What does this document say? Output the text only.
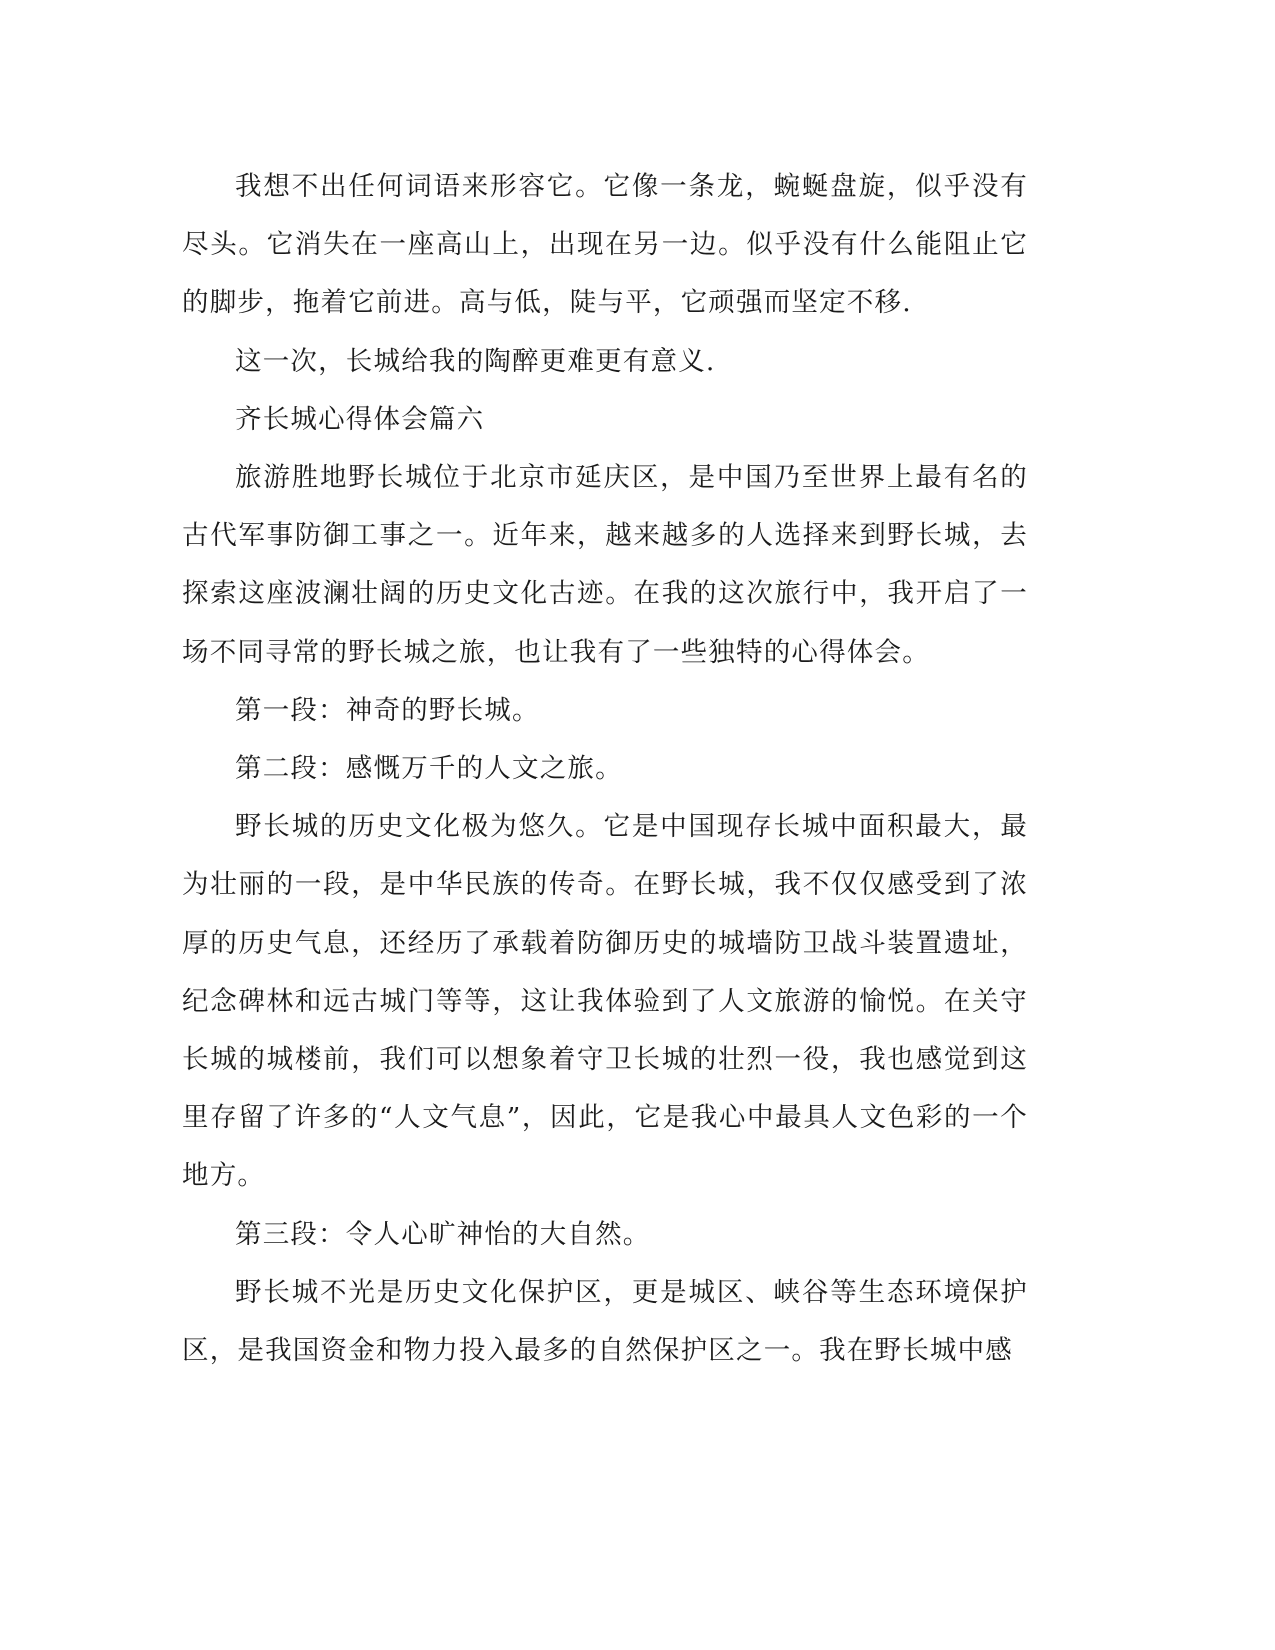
我想不出任何词语来形容它。它像一条龙，蜿蜒盘旋，似乎没有尽头。它消失在一座高山上，出现在另一边。似乎没有什么能阻止它的脚步，拖着它前进。高与低，陡与平，它顽强而坚定不移.

这一次，长城给我的陶醉更难更有意义.

齐长城心得体会篇六

旅游胜地野长城位于北京市延庆区，是中国乃至世界上最有名的古代军事防御工事之一。近年来，越来越多的人选择来到野长城，去探索这座波澜壮阔的历史文化古迹。在我的这次旅行中，我开启了一场不同寻常的野长城之旅，也让我有了一些独特的心得体会。

第一段：神奇的野长城。

第二段：感慨万千的人文之旅。

野长城的历史文化极为悠久。它是中国现存长城中面积最大，最为壮丽的一段，是中华民族的传奇。在野长城，我不仅仅感受到了浓厚的历史气息，还经历了承载着防御历史的城墙防卫战斗装置遗址，纪念碑林和远古城门等等，这让我体验到了人文旅游的愉悦。在关守长城的城楼前，我们可以想象着守卫长城的壮烈一役，我也感觉到这里存留了许多的“人文气息”，因此，它是我心中最具人文色彩的一个地方。

第三段：令人心旷神怡的大自然。

野长城不光是历史文化保护区，更是城区、峡谷等生态环境保护区，是我国资金和物力投入最多的自然保护区之一。我在野长城中感
